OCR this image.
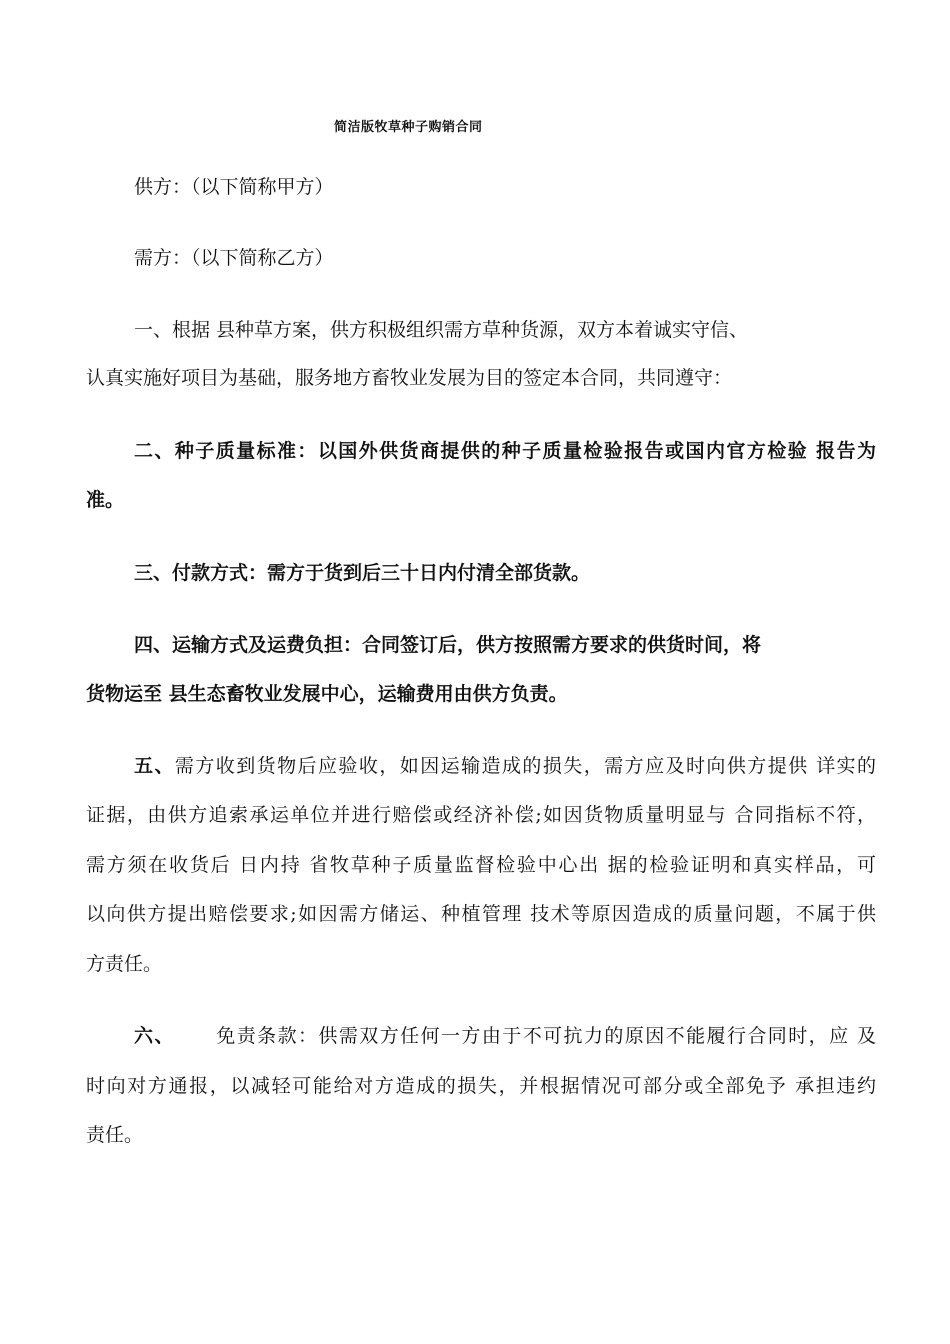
简洁版牧草种子购销合同
供方：（以下简称甲方）
需方：（以下简称乙方）
一、根据 县种草方案，供方积极组织需方草种货源，双方本着诚实守信、
认真实施好项目为基础，服务地方畜牧业发展为目的签定本合同，共同遵守：
二、种子质量标准：以国外供货商提供的种子质量检验报告或国内官方检验 报告为
准。
三、付款方式：需方于货到后三十日内付清全部货款。
四、运输方式及运费负担：合同签订后，供方按照需方要求的供货时间，将
货物运至 县生态畜牧业发展中心，运输费用由供方负责。
五、需方收到货物后应验收，如因运输造成的损失，需方应及时向供方提供 详实的
证据，由供方追索承运单位并进行赔偿或经济补偿;如因货物质量明显与 合同指标不符，
需方须在收货后 日内持 省牧草种子质量监督检验中心出 据的检验证明和真实样品，可
以向供方提出赔偿要求;如因需方储运、种植管理 技术等原因造成的质量问题，不属于供
方责任。
六、 免责条款：供需双方任何一方由于不可抗力的原因不能履行合同时，应 及
时向对方通报，以减轻可能给对方造成的损失，并根据情况可部分或全部免予 承担违约
责任。
